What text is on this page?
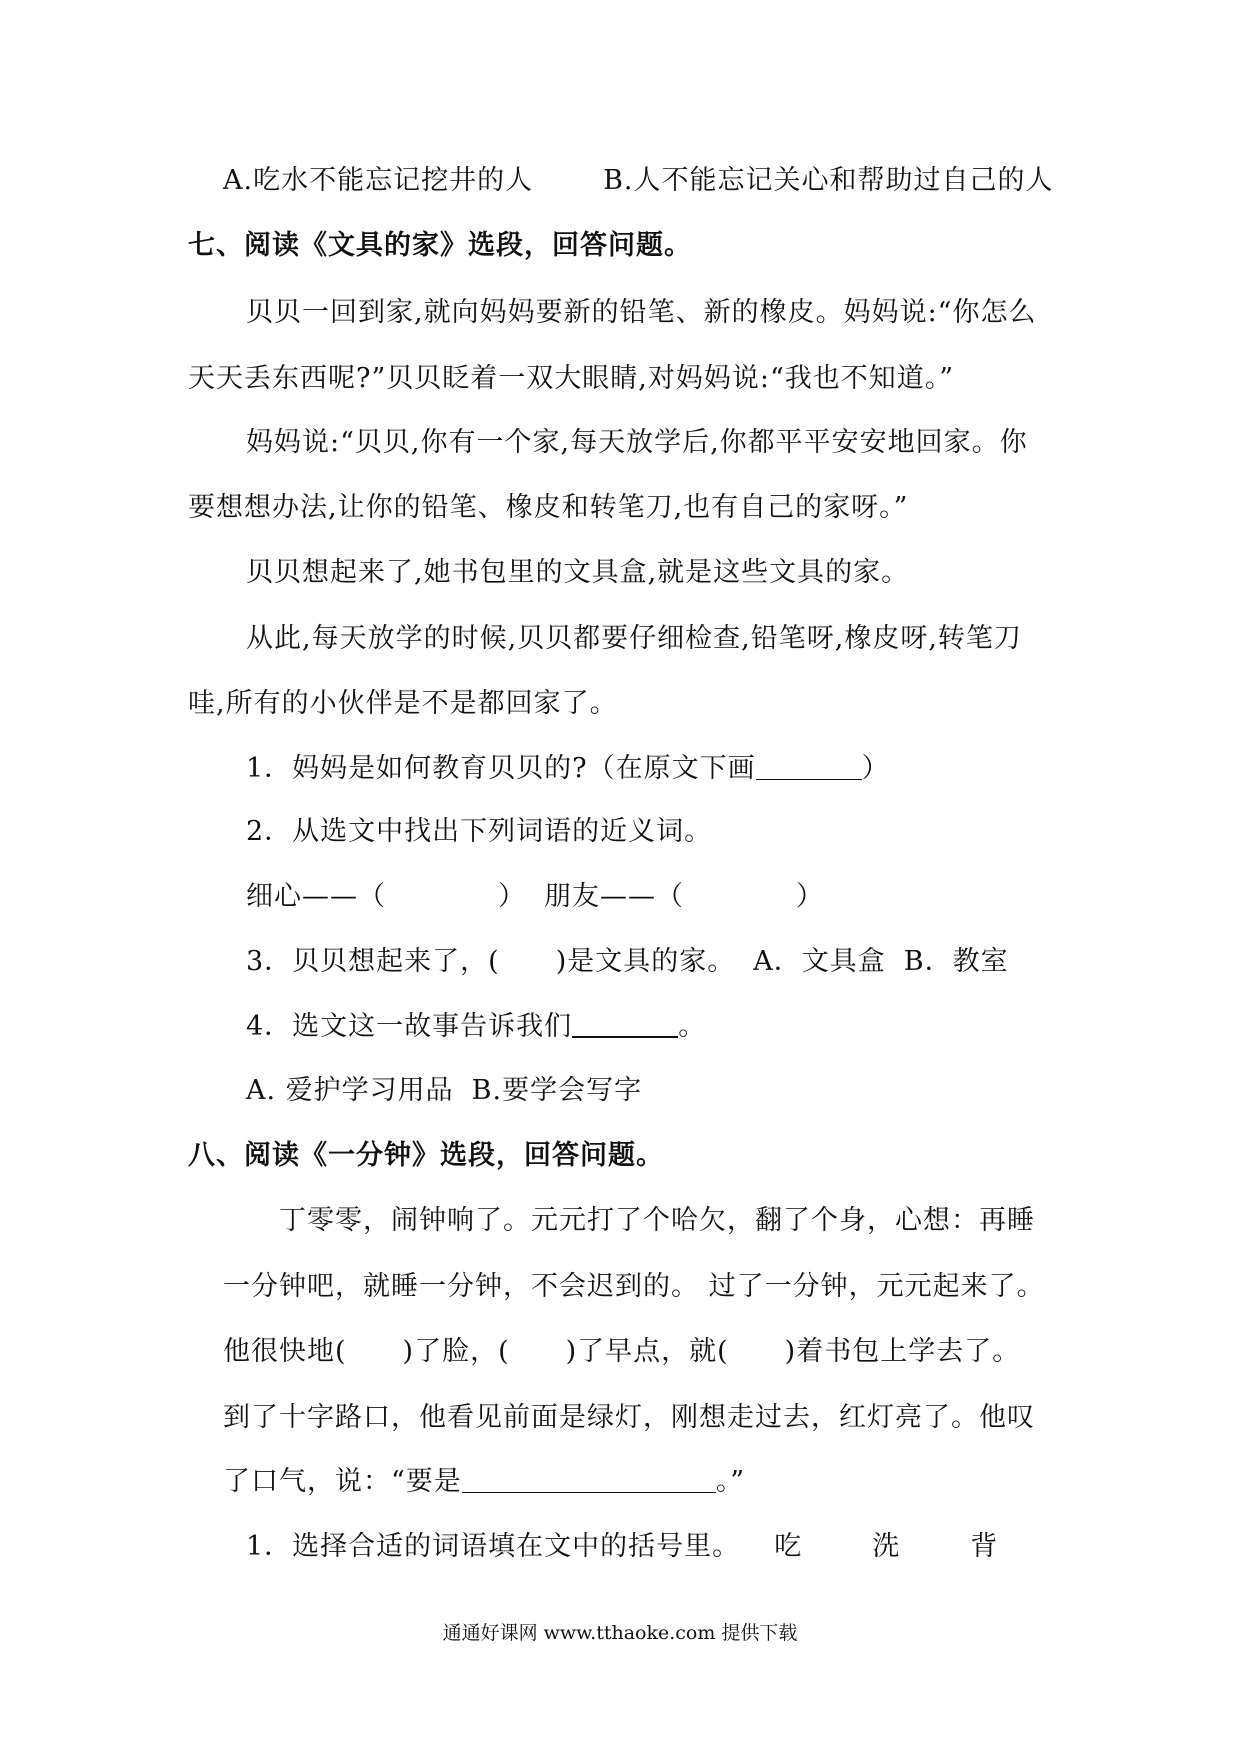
A.吃水不能忘记挖井的人	B.人不能忘记关心和帮助过自己的人
七、阅读《文具的家》选段，回答问题。
贝贝一回到家,就向妈妈要新的铅笔、新的橡皮。妈妈说:“你怎么
天天丢东西呢?”贝贝眨着一双大眼睛,对妈妈说:“我也不知道。”
妈妈说:“贝贝,你有一个家,每天放学后,你都平平安安地回家。你
要想想办法,让你的铅笔、橡皮和转笔刀,也有自己的家呀。”
贝贝想起来了,她书包里的文具盒,就是这些文具的家。
从此,每天放学的时候,贝贝都要仔细检查,铅笔呀,橡皮呀,转笔刀
哇,所有的小伙伴是不是都回家了。
1．妈妈是如何教育贝贝的?（在原文下画	）
2．从选文中找出下列词语的近义词。
细心——（　　　　） 朋友——（　　　　）
3．贝贝想起来了，(　　)是文具的家。 A．文具盒 B．教室
4．选文这一故事告诉我们	。
A. 爱护学习用品 B.要学会写字
八、阅读《一分钟》选段，回答问题。
丁零零，闹钟响了。元元打了个哈欠，翻了个身，心想：再睡
一分钟吧，就睡一分钟，不会迟到的。 过了一分钟，元元起来了。
他很快地(　　)了脸，(　　)了早点，就(　　)着书包上学去了。
到了十字路口，他看见前面是绿灯，刚想走过去，红灯亮了。他叹
了口气，说：“要是	。”
1．选择合适的词语填在文中的括号里。 吃	洗	背
通通好课网 www.tthaoke.com 提供下载
